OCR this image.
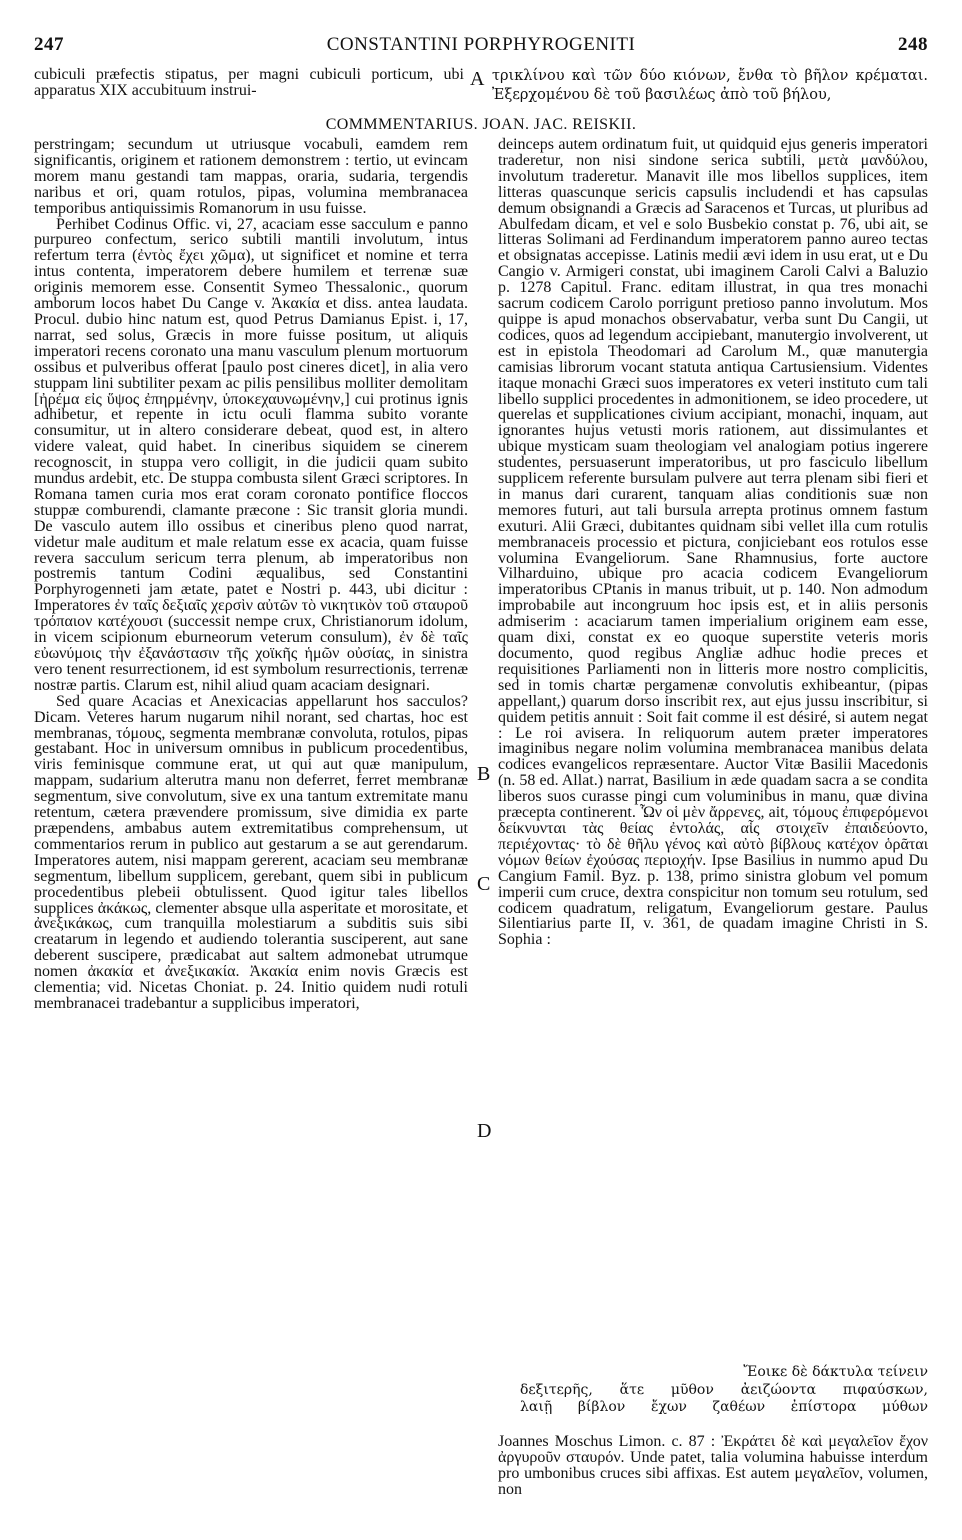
247	CONSTANTINI PORPHYROGENITI	248

cubiculi præfectis stipatus, per magni cubiculi porticum, ubi apparatus XIX accubituum instrui-

A τρικλίνου καὶ τῶν δύο κιόνων, ἔνθα τὸ βῆλον κρέμαται. Ἐξερχομένου δὲ τοῦ βασιλέως ἀπὸ τοῦ βήλου,

COMMMENTARIUS. JOAN. JAC. REISKII.

perstringam; secundum ut utriusque vocabuli, eamdem rem significantis, originem et rationem demonstrem : tertio, ut evincam morem manu gestandi tam mappas, oraria, sudaria, tergendis naribus et ori, quam rotulos, pipas, volumina membranacea temporibus antiquissimis Romanorum in usu fuisse.

Perhibet Codinus Offic. vi, 27, acaciam esse sacculum e panno purpureo confectum, serico subtili mantili involutum, intus refertum terra (ἐντὸς ἔχει χῶμα), ut significet et nomine et terra intus contenta, imperatorem debere humilem et terrenæ suæ originis memorem esse. Consentit Symeo Thessalonic., quorum amborum locos habet Du Cange v. Ἀκακία et diss. antea laudata. Procul. dubio hinc natum est, quod Petrus Damianus Epist. i, 17, narrat, sed solus, Græcis in more fuisse positum, ut aliquis imperatori recens coronato una manu vasculum plenum mortuorum ossibus et pulveribus offerat [paulo post cineres dicet], in alia vero stuppam lini subtiliter pexam ac pilis pensilibus molliter demolitam [ἠρέμα εἰς ὕψος ἐπηρμένην, ὑποκεχαυνωμένην,] cui protinus ignis adhibetur, et repente in ictu oculi flamma subito vorante consumitur, ut in altero considerare debeat, quod est, in altero videre valeat, quid habet. In cineribus siquidem se cinerem recognoscit, in stuppa vero colligit, in die judicii quam subito mundus ardebit, etc. De stuppa combusta silent Græci scriptores. In Romana tamen curia mos erat coram coronato pontifice floccos stuppæ comburendi, clamante præcone : Sic transit gloria mundi. De vasculo autem illo ossibus et cineribus pleno quod narrat, videtur male auditum et male relatum esse ex acacia, quam fuisse revera sacculum sericum terra plenum, ab imperatoribus non postremis tantum Codini æqualibus, sed Constantini Porphyrogenneti jam ætate, patet e Nostri p. 443, ubi dicitur : Imperatores ἐν ταῖς δεξιαῖς χερσὶν αὐτῶν τὸ νικητικὸν τοῦ σταυροῦ τρόπαιον κατέχουσι (successit nempe crux, Christianorum idolum, in vicem scipionum eburneorum veterum consulum), ἐν δὲ ταῖς εὐωνύμοις τὴν ἐξανάστασιν τῆς χοϊκῆς ἡμῶν οὐσίας, in sinistra vero tenent resurrectionem, id est symbolum resurrectionis, terrenæ nostræ partis. Clarum est, nihil aliud quam acaciam designari.

Sed quare Acacias et Anexicacias appellarunt hos sacculos? Dicam. Veteres harum nugarum nihil norant, sed chartas, hoc est membranas, τόμους, segmenta membranæ convoluta, rotulos, pipas gestabant. Hoc in universum omnibus in publicum procedentibus, viris feminisque commune erat, ut qui aut quæ manipulum, mappam, sudarium alterutra manu non deferret, ferret membranæ segmentum, sive convolutum, sive ex una tantum extremitate manu retentum, cætera prævendere promissum, sive dimidia ex parte præpendens, ambabus autem extremitatibus comprehensum, ut commentarios rerum in publico aut gestarum a se aut gerendarum. Imperatores autem, nisi mappam gererent, acaciam seu membranæ segmentum, libellum supplicem, gerebant, quem sibi in publicum procedentibus plebeii obtulissent. Quod igitur tales libellos supplices ἀκάκως, clementer absque ulla asperitate et morositate, et ἀνεξικάκως, cum tranquilla molestiarum a subditis suis sibi creatarum in legendo et audiendo tolerantia susciperent, aut sane deberent suscipere, prædicabat aut saltem admonebat utrumque nomen ἀκακία et ἀνεξικακία. Ἀκακία enim novis Græcis est clementia; vid. Nicetas Choniat. p. 24. Initio quidem nudi rotuli membranacei tradebantur a supplicibus imperatori,

B
C
D

deinceps autem ordinatum fuit, ut quidquid ejus generis imperatori traderetur, non nisi sindone serica subtili, μετὰ μανδύλου, involutum traderetur. Manavit ille mos libellos supplices, item litteras quascunque sericis capsulis includendi et has capsulas demum obsignandi a Græcis ad Saracenos et Turcas, ut pluribus ad Abulfedam dicam, et vel e solo Busbekio constat p. 76, ubi ait, se litteras Solimani ad Ferdinandum imperatorem panno aureo tectas et obsignatas accepisse. Latinis medii ævi idem in usu erat, ut e Du Cangio v. Armigeri constat, ubi imaginem Caroli Calvi a Baluzio p. 1278 Capitul. Franc. editam illustrat, in qua tres monachi sacrum codicem Carolo porrigunt pretioso panno involutum. Mos quippe is apud monachos observabatur, verba sunt Du Cangii, ut codices, quos ad legendum accipiebant, manutergio involverent, ut est in epistola Theodomari ad Carolum M., quæ manutergia camisias librorum vocant statuta antiqua Cartusiensium. Videntes itaque monachi Græci suos imperatores ex veteri instituto cum tali libello supplici procedentes in admonitionem, se ideo procedere, ut querelas et supplicationes civium accipiant, monachi, inquam, aut ignorantes hujus vetusti moris rationem, aut dissimulantes et ubique mysticam suam theologiam vel analogiam potius ingerere studentes, persuaserunt imperatoribus, ut pro fasciculo libellum supplicem referente bursulam pulvere aut terra plenam sibi fieri et in manus dari curarent, tanquam alias conditionis suæ non memores futuri, aut tali bursula arrepta protinus omnem fastum exuturi. Alii Græci, dubitantes quidnam sibi vellet illa cum rotulis membranaceis processio et pictura, conjiciebant eos rotulos esse volumina Evangeliorum. Sane Rhamnusius, forte auctore Vilharduino, ubique pro acacia codicem Evangeliorum imperatoribus CPtanis in manus tribuit, ut p. 140. Non admodum improbabile aut incongruum hoc ipsis est, et in aliis personis admiserim : acaciarum tamen imperialium originem eam esse, quam dixi, constat ex eo quoque superstite veteris moris documento, quod regibus Angliæ adhuc hodie preces et requisitiones Parliamenti non in litteris more nostro complicitis, sed in tomis chartæ pergamenæ convolutis exhibeantur, (pipas appellant,) quarum dorso inscribit rex, aut ejus jussu inscribitur, si quidem petitis annuit : Soit fait comme il est désiré, si autem negat : Le roi avisera. In reliquorum autem præter imperatores imaginibus negare nolim volumina membranacea manibus delata codices evangelicos repræsentare. Auctor Vitæ Basilii Macedonis (n. 58 ed. Allat.) narrat, Basilium in æde quadam sacra a se condita liberos suos curasse pingi cum voluminibus in manu, quæ divina præcepta continerent. Ὧν οἱ μὲν ἄρρενες, ait, τόμους ἐπιφερόμενοι δείκνυνται τὰς θείας ἐντολάς, αἷς στοιχεῖν ἐπαιδεύοντο, περιέχοντας· τὸ δὲ θῆλυ γένος καὶ αὐτὸ βίβλους κατέχον ὁρᾶται νόμων θείων ἐχούσας περιοχήν. Ipse Basilius in nummo apud Du Cangium Famil. Byz. p. 138, primo sinistra globum vel pomum imperii cum cruce, dextra conspicitur non tomum seu rotulum, sed codicem quadratum, religatum, Evangeliorum gestare. Paulus Silentiarius parte II, v. 361, de quadam imagine Christi in S. Sophia :

Ἔοικε δὲ δάκτυλα τείνειν

δεξιτερῆς, ἅτε μῦθον ἀειζώοντα πιφαύσκων,

λαιῇ βίβλον ἔχων ζαθέων ἐπίστορα μύθων

Joannes Moschus Limon. c. 87 : Ἐκράτει δὲ καὶ μεγαλεῖον ἔχον ἀργυροῦν σταυρόν. Unde patet, talia volumina habuisse interdum pro umbonibus cruces sibi affixas. Est autem μεγαλεῖον, volumen, non
